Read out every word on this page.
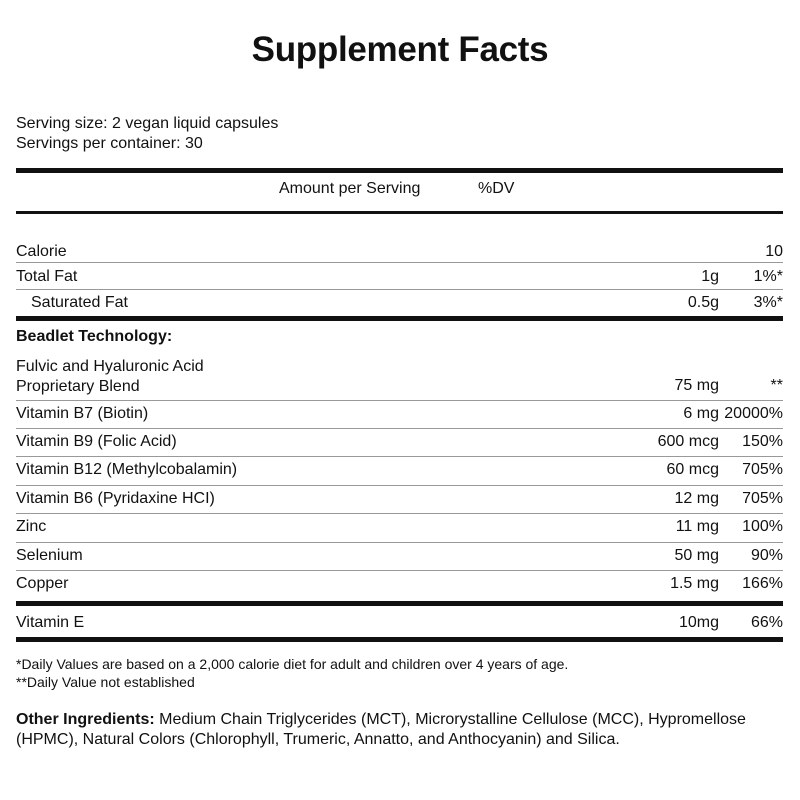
Supplement Facts
Serving size: 2 vegan liquid capsules
Servings per container: 30
Amount per Serving	%DV
Calorie	10
Total Fat	1g 1%*
Saturated Fat	0.5g 3%*
Beadlet Technology:
Fulvic and Hyaluronic Acid
Proprietary Blend	75 mg	**
Vitamin B7 (Biotin)	6 mg 20000%
Vitamin B9 (Folic Acid)	600 mcg 150%
Vitamin B12 (Methylcobalamin)	60 mcg 705%
Vitamin B6 (Pyridaxine HCI)	12 mg 705%
Zinc	11 mg 100%
Selenium	50 mg 90%
Copper	1.5 mg 166%
Vitamin E	10mg 66%
*Daily Values are based on a 2,000 calorie diet for adult and children over 4 years of age.
**Daily Value not established
Other Ingredients: Medium Chain Triglycerides (MCT), Microrystalline Cellulose (MCC), Hypromellose (HPMC), Natural Colors (Chlorophyll, Trumeric, Annatto, and Anthocyanin) and Silica.
